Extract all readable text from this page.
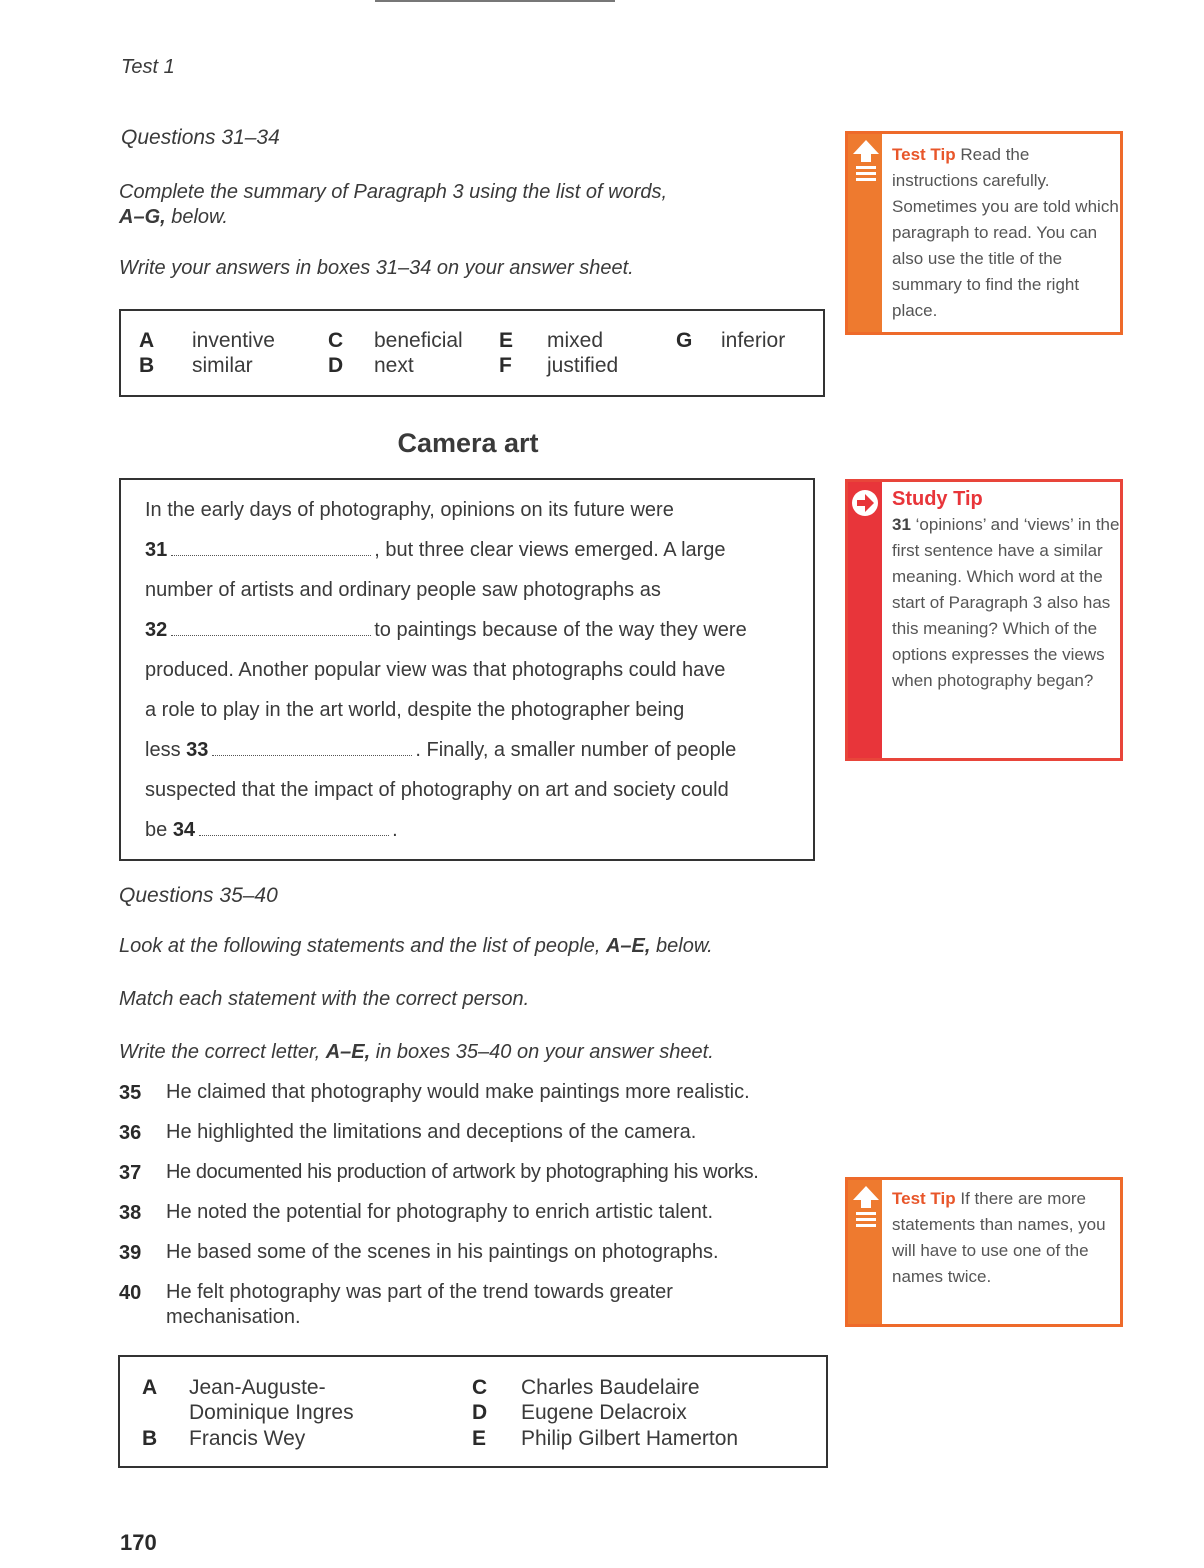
Test 1
Questions 31–34
Complete the summary of Paragraph 3 using the list of words,
A–G, below.
Write your answers in boxes 31–34 on your answer sheet.
A inventive
B similar
C beneficial
D next
E mixed
F justified
G inferior
Camera art
In the early days of photography, opinions on its future were
31	, but three clear views emerged. A large
number of artists and ordinary people saw photographs as
32	to paintings because of the way they were
produced. Another popular view was that photographs could have
a role to play in the art world, despite the photographer being
less 33	. Finally, a smaller number of people
suspected that the impact of photography on art and society could
be 34	.
Questions 35–40
Look at the following statements and the list of people, A–E, below.
Match each statement with the correct person.
Write the correct letter, A–E, in boxes 35–40 on your answer sheet.
35 He claimed that photography would make paintings more realistic.
36 He highlighted the limitations and deceptions of the camera.
37 He documented his production of artwork by photographing his works.
38 He noted the potential for photography to enrich artistic talent.
39 He based some of the scenes in his paintings on photographs.
40 He felt photography was part of the trend towards greater mechanisation.
A Jean-Auguste-
Dominique Ingres
B Francis Wey
C Charles Baudelaire
D Eugene Delacroix
E Philip Gilbert Hamerton
170
Test Tip Read the instructions carefully. Sometimes you are told which paragraph to read. You can also use the title of the summary to find the right place.
Study Tip
31 ‘opinions’ and ‘views’ in the first sentence have a similar meaning. Which word at the start of Paragraph 3 also has this meaning? Which of the options expresses the views when photography began?
Test Tip If there are more statements than names, you will have to use one of the names twice.
